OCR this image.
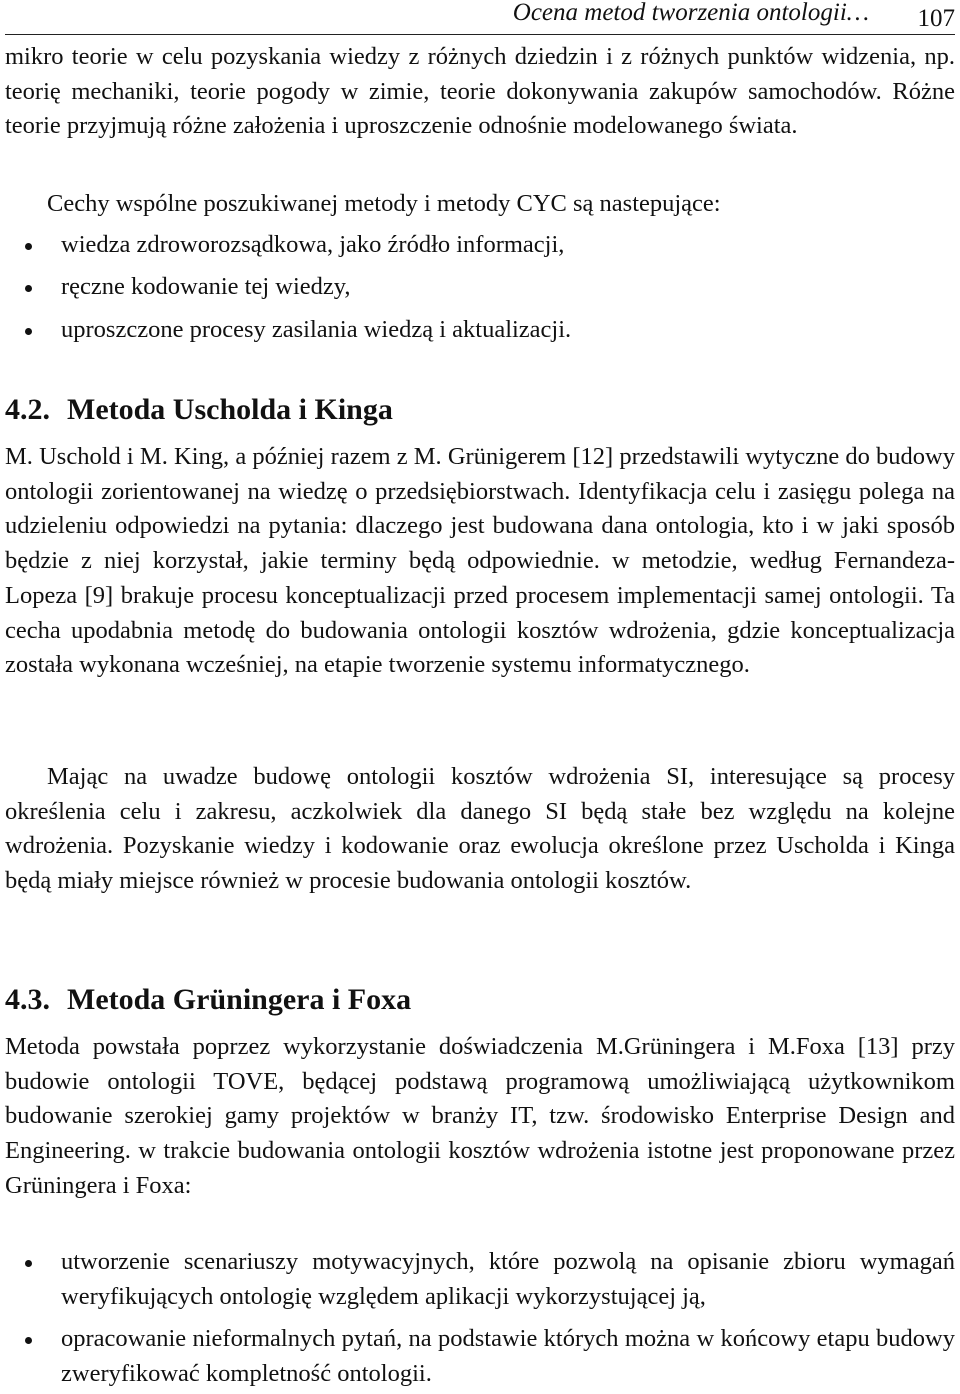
Ocena metod tworzenia ontologii… 107

mikro teorie w celu pozyskania wiedzy z różnych dziedzin i z różnych punktów widzenia, np. teorię mechaniki, teorie pogody w zimie, teorie dokonywania zakupów samochodów. Różne teorie przyjmują różne założenia i uproszczenie odnośnie modelowanego świata.

Cechy wspólne poszukiwanej metody i metody CYC są nastepujące:

wiedza zdroworozsądkowa, jako źródło informacji,
ręczne kodowanie tej wiedzy,
uproszczone procesy zasilania wiedzą i aktualizacji.
4.2. Metoda Uscholda i Kinga

M. Uschold i M. King, a później razem z M. Grünigerem [12] przedstawili wytyczne do budowy ontologii zorientowanej na wiedzę o przedsiębiorstwach. Identyfikacja celu i zasięgu polega na udzieleniu odpowiedzi na pytania: dlaczego jest budowana dana ontologia, kto i w jaki sposób będzie z niej korzystał, jakie terminy będą odpowiednie. w metodzie, według Fernandeza-Lopeza [9] brakuje procesu konceptualizacji przed procesem implementacji samej ontologii. Ta cecha upodabnia metodę do budowania ontologii kosztów wdrożenia, gdzie konceptualizacja została wykonana wcześniej, na etapie tworzenie systemu informatycznego.

Mając na uwadze budowę ontologii kosztów wdrożenia SI, interesujące są procesy określenia celu i zakresu, aczkolwiek dla danego SI będą stałe bez względu na kolejne wdrożenia. Pozyskanie wiedzy i kodowanie oraz ewolucja określone przez Uscholda i Kinga będą miały miejsce również w procesie budowania ontologii kosztów.

4.3. Metoda Grüningera i Foxa

Metoda powstała poprzez wykorzystanie doświadczenia M.Grüningera i M.Foxa [13] przy budowie ontologii TOVE, będącej podstawą programową umożliwiającą użytkownikom budowanie szerokiej gamy projektów w branży IT, tzw. środowisko Enterprise Design and Engineering. w trakcie budowania ontologii kosztów wdrożenia istotne jest proponowane przez Grüningera i Foxa:

utworzenie scenariuszy motywacyjnych, które pozwolą na opisanie zbioru wymagań weryfikujących ontologię względem aplikacji wykorzystującej ją,
opracowanie nieformalnych pytań, na podstawie których można w końcowy etapu budowy zweryfikować kompletność ontologii.
